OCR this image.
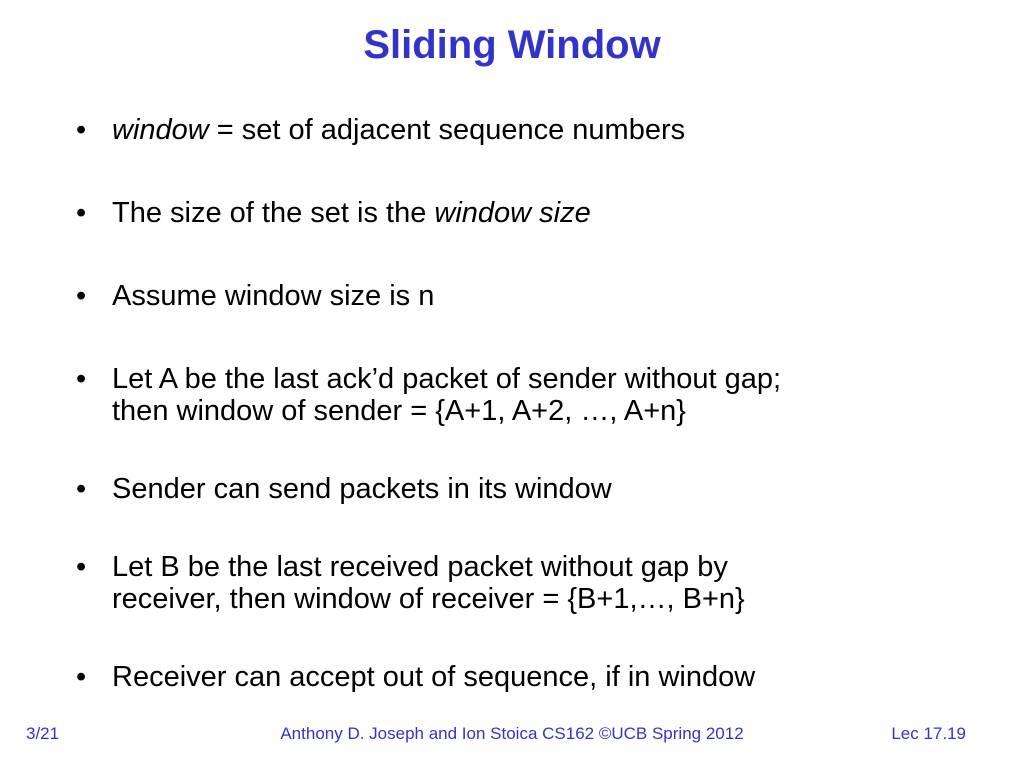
Sliding Window
• window = set of adjacent sequence numbers
• The size of the set is the window size
• Assume window size is n
• Let A be the last ack’d packet of sender without gap;
then window of sender = {A+1, A+2, …, A+n}
• Sender can send packets in its window
• Let B be the last received packet without gap by
receiver, then window of receiver = {B+1,…, B+n}
• Receiver can accept out of sequence, if in window
3/21	Anthony D. Joseph and Ion Stoica CS162 ©UCB Spring 2012	Lec 17.19
